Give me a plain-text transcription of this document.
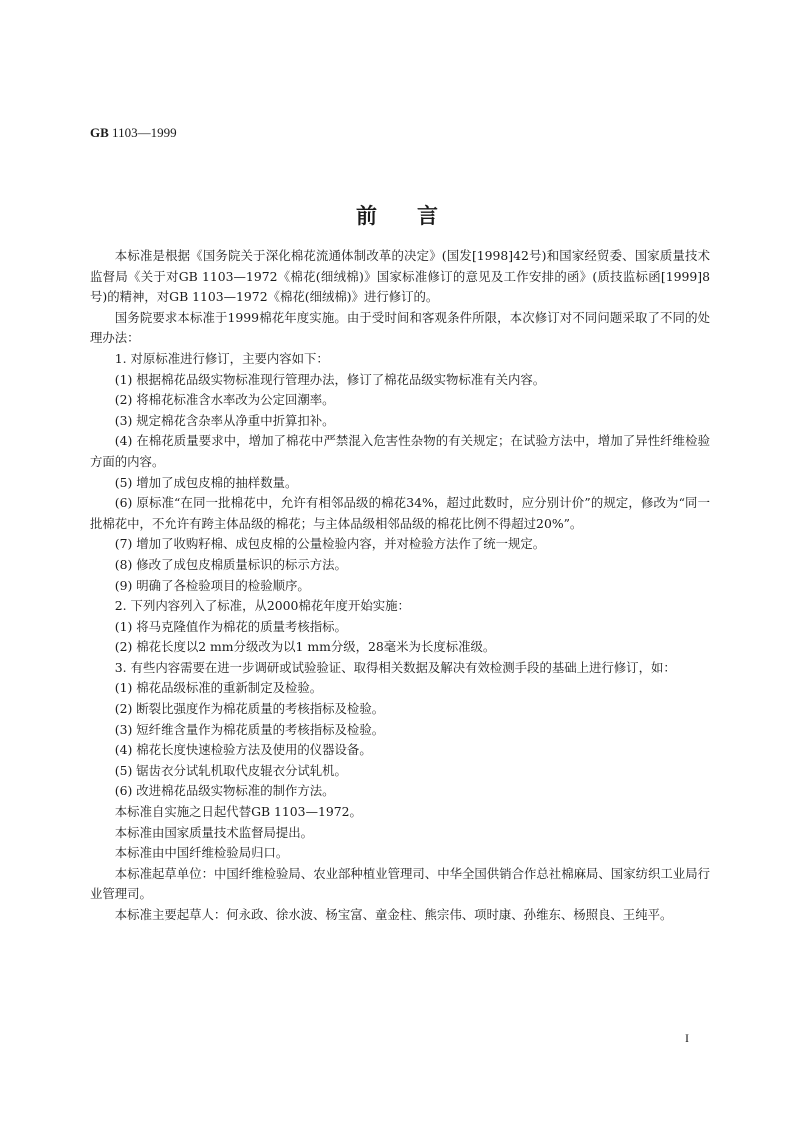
GB 1103—1999
前言

本标准是根据《国务院关于深化棉花流通体制改革的决定》(国发[1998]42号)和国家经贸委、国家质量技术监督局《关于对GB 1103—1972《棉花(细绒棉)》国家标准修订的意见及工作安排的函》(质技监标函[1999]8号)的精神，对GB 1103—1972《棉花(细绒棉)》进行修订的。

国务院要求本标准于1999棉花年度实施。由于受时间和客观条件所限，本次修订对不同问题采取了不同的处理办法：

1. 对原标准进行修订，主要内容如下：

(1) 根据棉花品级实物标准现行管理办法，修订了棉花品级实物标准有关内容。

(2) 将棉花标准含水率改为公定回潮率。

(3) 规定棉花含杂率从净重中折算扣补。

(4) 在棉花质量要求中，增加了棉花中严禁混入危害性杂物的有关规定；在试验方法中，增加了异性纤维检验方面的内容。

(5) 增加了成包皮棉的抽样数量。

(6) 原标准“在同一批棉花中，允许有相邻品级的棉花34%，超过此数时，应分别计价”的规定，修改为“同一批棉花中，不允许有跨主体品级的棉花；与主体品级相邻品级的棉花比例不得超过20%”。

(7) 增加了收购籽棉、成包皮棉的公量检验内容，并对检验方法作了统一规定。

(8) 修改了成包皮棉质量标识的标示方法。

(9) 明确了各检验项目的检验顺序。

2. 下列内容列入了标准，从2000棉花年度开始实施：

(1) 将马克隆值作为棉花的质量考核指标。

(2) 棉花长度以2 mm分级改为以1 mm分级，28毫米为长度标准级。

3. 有些内容需要在进一步调研或试验验证、取得相关数据及解决有效检测手段的基础上进行修订，如：

(1) 棉花品级标准的重新制定及检验。

(2) 断裂比强度作为棉花质量的考核指标及检验。

(3) 短纤维含量作为棉花质量的考核指标及检验。

(4) 棉花长度快速检验方法及使用的仪器设备。

(5) 锯齿衣分试轧机取代皮辊衣分试轧机。

(6) 改进棉花品级实物标准的制作方法。

本标准自实施之日起代替GB 1103—1972。

本标准由国家质量技术监督局提出。

本标准由中国纤维检验局归口。

本标准起草单位：中国纤维检验局、农业部种植业管理司、中华全国供销合作总社棉麻局、国家纺织工业局行业管理司。

本标准主要起草人：何永政、徐水波、杨宝富、童金柱、熊宗伟、项时康、孙维东、杨照良、王纯平。

I
